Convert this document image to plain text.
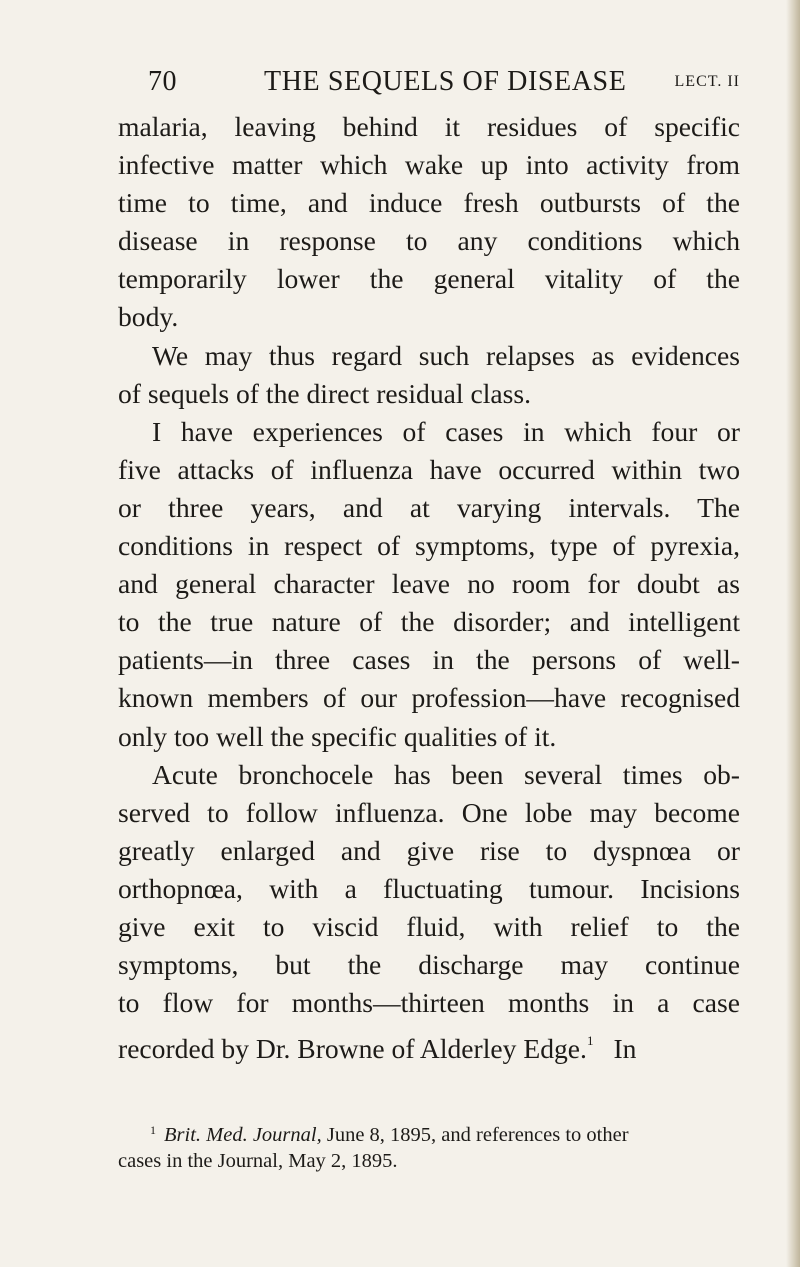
70	THE SEQUELS OF DISEASE	LECT. II
malaria, leaving behind it residues of specific
infective matter which wake up into activity from
time to time, and induce fresh outbursts of the
disease in response to any conditions which
temporarily lower the general vitality of the
body.
We may thus regard such relapses as evidences
of sequels of the direct residual class.
I have experiences of cases in which four or
five attacks of influenza have occurred within two
or three years, and at varying intervals. The
conditions in respect of symptoms, type of pyrexia,
and general character leave no room for doubt as
to the true nature of the disorder; and intelligent
patients—in three cases in the persons of well-
known members of our profession—have recognised
only too well the specific qualities of it.
Acute bronchocele has been several times ob-
served to follow influenza. One lobe may become
greatly enlarged and give rise to dyspnœa or
orthopnœa, with a fluctuating tumour. Incisions
give exit to viscid fluid, with relief to the
symptoms, but the discharge may continue
to flow for months—thirteen months in a case
recorded by Dr. Browne of Alderley Edge.$^1$ In
$^1$ Brit. Med. Journal, June 8, 1895, and references to other
cases in the Journal, May 2, 1895.
